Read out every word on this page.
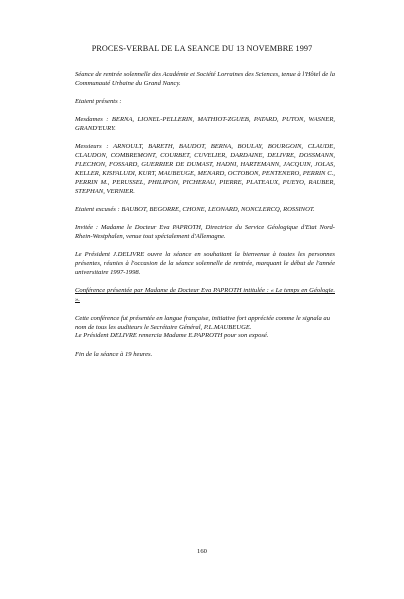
PROCES-VERBAL DE LA SEANCE DU 13 NOVEMBRE 1997

Séance de rentrée solennelle des Académie et Société Lorraines des Sciences, tenue à l'Hôtel de la Communauté Urbaine du Grand Nancy.

Etaient présents :

Mesdames : BERNA, LIONEL-PELLERIN, MATHIOT-ZGUEB, PATARD, PUTON, WASNER, GRAND'EURY.

Messieurs : ARNOULT, BARETH, BAUDOT, BERNA, BOULAY, BOURGOIN, CLAUDE, CLAUDON, COMBREMONT, COURBET, CUVELIER, DARDAINE, DELIVRE, DOSSMANN, FLECHON, FOSSARD, GUERRIER DE DUMAST, HADNI, HARTEMANN, JACQUIN, JOLAS, KELLER, KISFALUDI, KURT, MAUBEUGE, MENARD, OCTOBON, PENTENERO, PERRIN C., PERRIN M., PERUSSEL, PHILIPON, PICHERAU, PIERRE, PLATEAUX, PUEYO, RAUBER, STEPHAN, VERNIER.

Etaient excusés : BAUBOT, BEGORRE, CHONE, LEONARD, NONCLERCQ, ROSSINOT.

Invitée : Madame le Docteur Eva PAPROTH, Directrice du Service Géologique d'Etat Nord-Rhein-Westphalen, venue tout spécialement d'Allemagne.

Le Président J.DELIVRE ouvre la séance en souhaitant la bienvenue à toutes les personnes présentes, réunies à l'occasion de la séance solennelle de rentrée, marquant le début de l'année universitaire 1997-1998.

Conférence présentée par Madame de Docteur Eva PAPROTH intitulée : « Le temps en Géologie. ».

Cette conférence fut présentée en langue française, initiative fort appréciée comme le signala au nom de tous les auditeurs le Secrétaire Général, P.L.MAUBEUGE.

Le Président DELIVRE remercia Madame E.PAPROTH pour son exposé.

Fin de la séance à 19 heures.

160
